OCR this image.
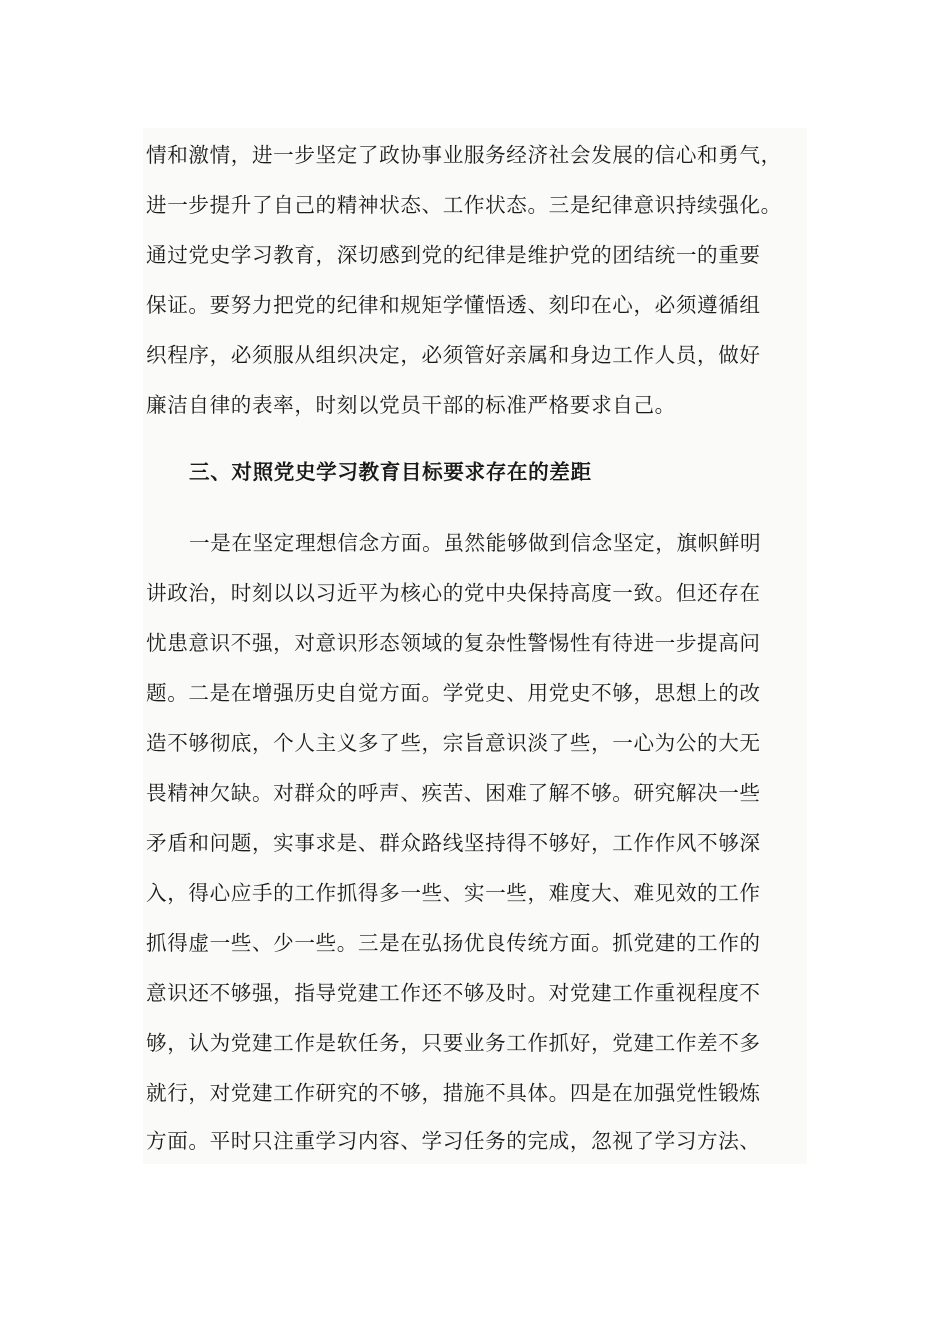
情和激情，进一步坚定了政协事业服务经济社会发展的信心和勇气，
进一步提升了自己的精神状态、工作状态。三是纪律意识持续强化。
通过党史学习教育，深切感到党的纪律是维护党的团结统一的重要
保证。要努力把党的纪律和规矩学懂悟透、刻印在心，必须遵循组
织程序，必须服从组织决定，必须管好亲属和身边工作人员，做好
廉洁自律的表率，时刻以党员干部的标准严格要求自己。
三、对照党史学习教育目标要求存在的差距
一是在坚定理想信念方面。虽然能够做到信念坚定，旗帜鲜明
讲政治，时刻以以习近平为核心的党中央保持高度一致。但还存在
忧患意识不强，对意识形态领域的复杂性警惕性有待进一步提高问
题。二是在增强历史自觉方面。学党史、用党史不够，思想上的改
造不够彻底，个人主义多了些，宗旨意识淡了些，一心为公的大无
畏精神欠缺。对群众的呼声、疾苦、困难了解不够。研究解决一些
矛盾和问题，实事求是、群众路线坚持得不够好，工作作风不够深
入，得心应手的工作抓得多一些、实一些，难度大、难见效的工作
抓得虚一些、少一些。三是在弘扬优良传统方面。抓党建的工作的
意识还不够强，指导党建工作还不够及时。对党建工作重视程度不
够，认为党建工作是软任务，只要业务工作抓好，党建工作差不多
就行，对党建工作研究的不够，措施不具体。四是在加强党性锻炼
方面。平时只注重学习内容、学习任务的完成，忽视了学习方法、
